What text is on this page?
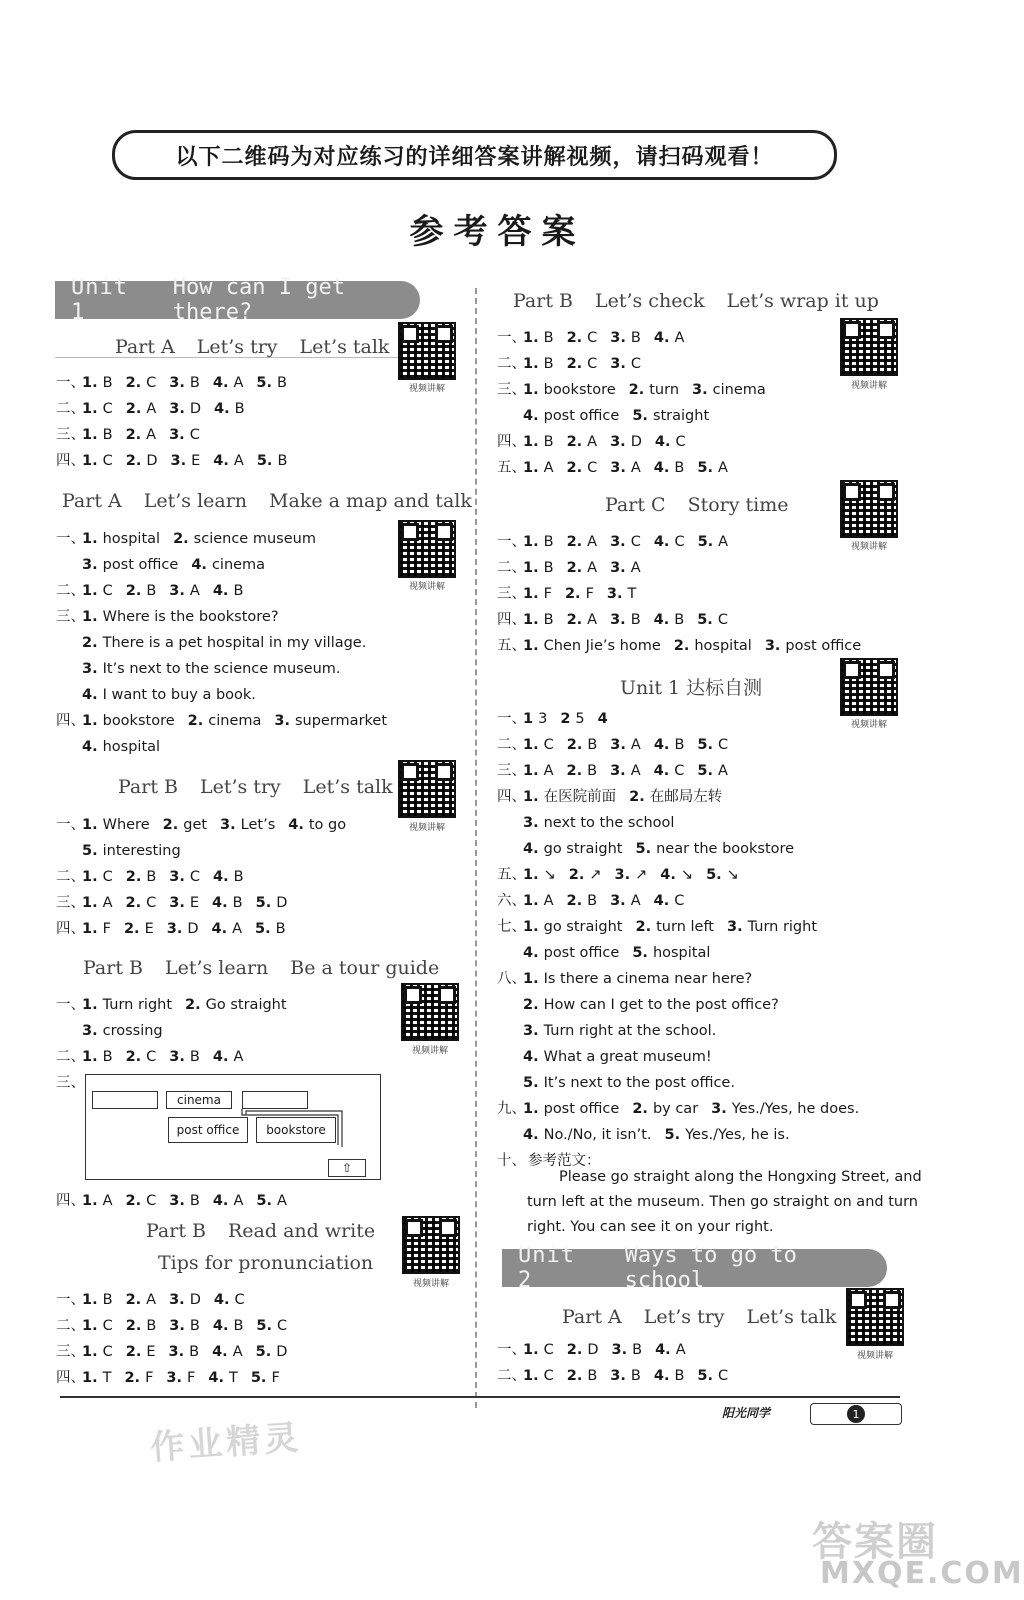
以下二维码为对应练习的详细答案讲解视频，请扫码观看！
参考答案
Unit 1
How can I get there?
Part A Let’s try Let’s talk
视频讲解
一、1. B 2. C 3. B 4. A 5. B
二、1. C 2. A 3. D 4. B
三、1. B 2. A 3. C
四、1. C 2. D 3. E 4. A 5. B
Part A Let’s learn Make a map and talk
视频讲解
一、1. hospital 2. science museum
3. post office 4. cinema
二、1. C 2. B 3. A 4. B
三、1. Where is the bookstore?
2. There is a pet hospital in my village.
3. It’s next to the science museum.
4. I want to buy a book.
四、1. bookstore 2. cinema 3. supermarket
4. hospital
Part B Let’s try Let’s talk
视频讲解
一、1. Where 2. get 3. Let’s 4. to go
5. interesting
二、1. C 2. B 3. C 4. B
三、1. A 2. C 3. E 4. B 5. D
四、1. F 2. E 3. D 4. A 5. B
Part B Let’s learn Be a tour guide
视频讲解
一、1. Turn right 2. Go straight
3. crossing
二、1. B 2. C 3. B 4. A
三、
cinema
post office	bookstore
⇧
四、1. A 2. C 3. B 4. A 5. A
Part B Read and write
Tips for pronunciation
视频讲解
一、1. B 2. A 3. D 4. C
二、1. C 2. B 3. B 4. B 5. C
三、1. C 2. E 3. B 4. A 5. D
四、1. T 2. F 3. F 4. T 5. F
Part B Let’s check Let’s wrap it up
视频讲解
一、1. B 2. C 3. B 4. A
二、1. B 2. C 3. C
三、1. bookstore 2. turn 3. cinema
4. post office 5. straight
四、1. B 2. A 3. D 4. C
五、1. A 2. C 3. A 4. B 5. A
Part C Story time
视频讲解
一、1. B 2. A 3. C 4. C 5. A
二、1. B 2. A 3. A
三、1. F 2. F 3. T
四、1. B 2. A 3. B 4. B 5. C
五、1. Chen Jie’s home 2. hospital 3. post office
Unit 1 达标自测
视频讲解
一、1 3 2 5 4
二、1. C 2. B 3. A 4. B 5. C
三、1. A 2. B 3. A 4. C 5. A
四、1. 在医院前面 2. 在邮局左转
3. next to the school
4. go straight 5. near the bookstore
五、1. ↘ 2. ↗ 3. ↗ 4. ↘ 5. ↘
六、1. A 2. B 3. A 4. C
七、1. go straight 2. turn left 3. Turn right
4. post office 5. hospital
八、1. Is there a cinema near here?
2. How can I get to the post office?
3. Turn right at the school.
4. What a great museum!
5. It’s next to the post office.
九、1. post office 2. by car 3. Yes./Yes, he does.
4. No./No, it isn’t. 5. Yes./Yes, he is.
十、 参考范文：
Please go straight along the Hongxing Street, and
turn left at the museum. Then go straight on and turn
right. You can see it on your right.
Unit 2
Ways to go to school
Part A Let’s try Let’s talk
视频讲解
一、1. C 2. D 3. B 4. A
二、1. C 2. B 3. B 4. B 5. C
阳光同学	1
作业精灵
答案圈
MXQE.COM
